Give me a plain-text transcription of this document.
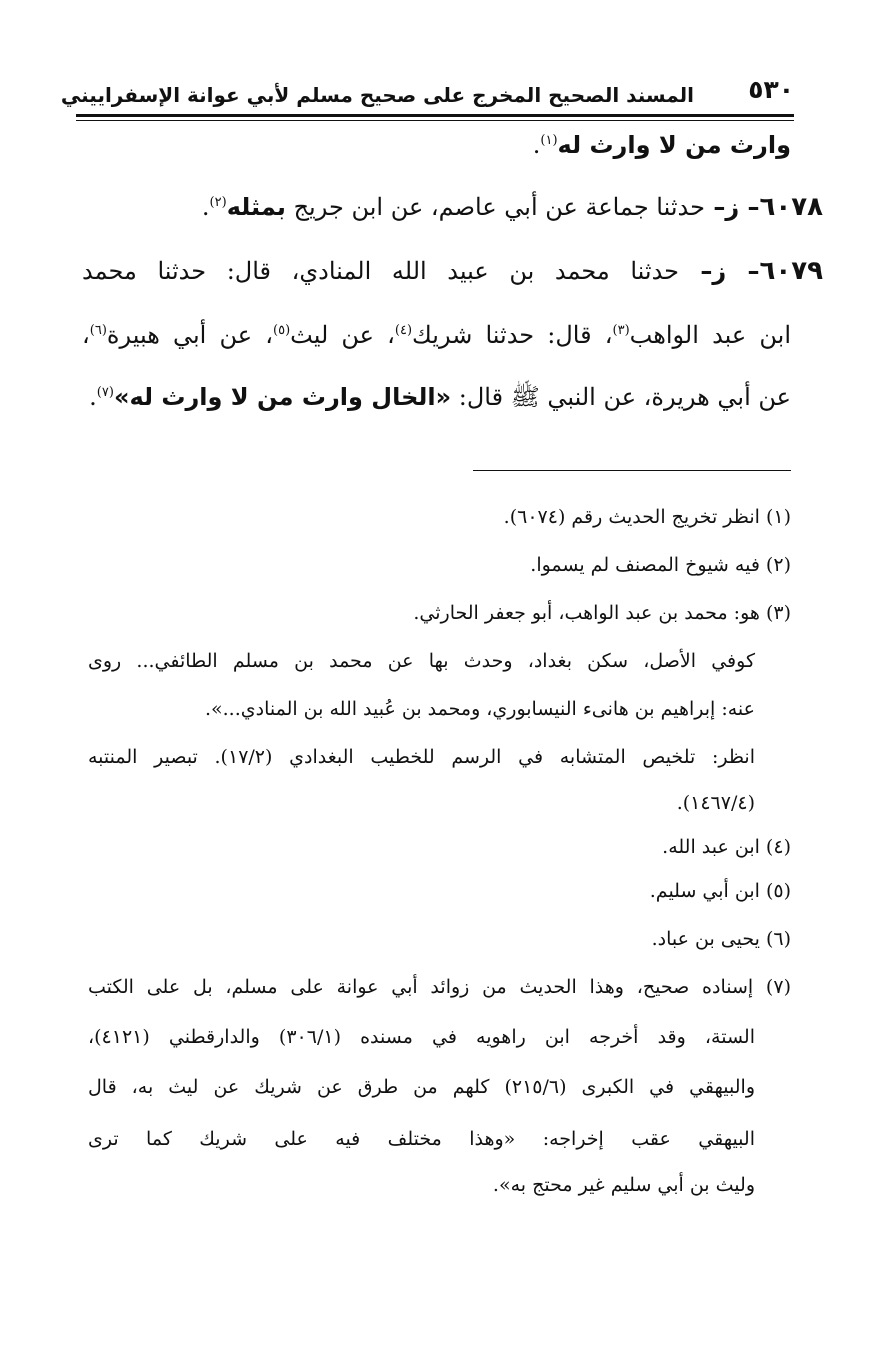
٥٣٠
المسند الصحيح المخرج على صحيح مسلم لأبي عوانة الإسفراييني
وارث من لا وارث له$^{(١)}$.
٦٠٧٨– ز– حدثنا جماعة عن أبي عاصم، عن ابن جريج بمثله$^{(٢)}$.
٦٠٧٩– ز– حدثنا محمد بن عبيد الله المنادي، قال: حدثنا محمد
ابن عبد الواهب$^{(٣)}$، قال: حدثنا شريك$^{(٤)}$، عن ليث$^{(٥)}$، عن أبي هبيرة$^{(٦)}$،
عن أبي هريرة، عن النبي ﷺ قال: «الخال وارث من لا وارث له»$^{(٧)}$.
(١) انظر تخريج الحديث رقم (٦٠٧٤).
(٢) فيه شيوخ المصنف لم يسموا.
(٣) هو: محمد بن عبد الواهب، أبو جعفر الحارثي.
كوفي الأصل، سكن بغداد، وحدث بها عن محمد بن مسلم الطائفي... روى
عنه: إبراهيم بن هانىء النيسابوري، ومحمد بن عُبيد الله بن المنادي...».
انظر: تلخيص المتشابه في الرسم للخطيب البغدادي (١٧/٢). تبصير المنتبه
(١٤٦٧/٤).
(٤) ابن عبد الله.
(٥) ابن أبي سليم.
(٦) يحيى بن عباد.
(٧) إسناده صحيح، وهذا الحديث من زوائد أبي عوانة على مسلم، بل على الكتب
الستة، وقد أخرجه ابن راهويه في مسنده (٣٠٦/١) والدارقطني (٤١٢١)،
والبيهقي في الكبرى (٢١٥/٦) كلهم من طرق عن شريك عن ليث به، قال
البيهقي عقب إخراجه: «وهذا مختلف فيه على شريك كما ترى
وليث بن أبي سليم غير محتج به».
